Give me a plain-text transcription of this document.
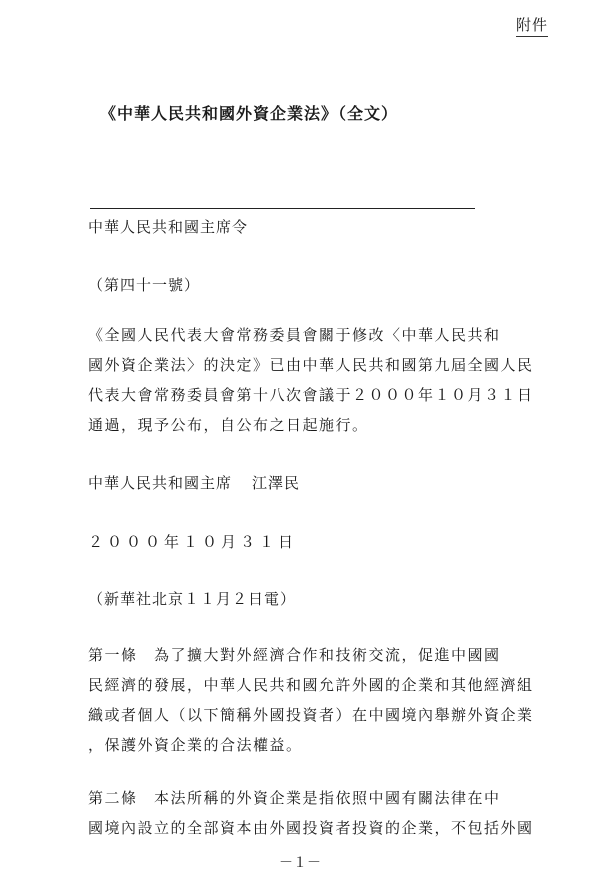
附件
《中華人民共和國外資企業法》（全文）
中華人民共和國主席令
（第四十一號）
《全國人民代表大會常務委員會關于修改〈中華人民共和
國外資企業法〉的決定》已由中華人民共和國第九屆全國人民
代表大會常務委員會第十八次會議于２０００年１０月３１日
通過，現予公布，自公布之日起施行。
中華人民共和國主席 江澤民
２０００年１０月３１日
（新華社北京１１月２日電）
第一條　為了擴大對外經濟合作和技術交流，促進中國國
民經濟的發展，中華人民共和國允許外國的企業和其他經濟組
織或者個人（以下簡稱外國投資者）在中國境內舉辦外資企業
，保護外資企業的合法權益。
第二條　本法所稱的外資企業是指依照中國有關法律在中
國境內設立的全部資本由外國投資者投資的企業，不包括外國
－１－
